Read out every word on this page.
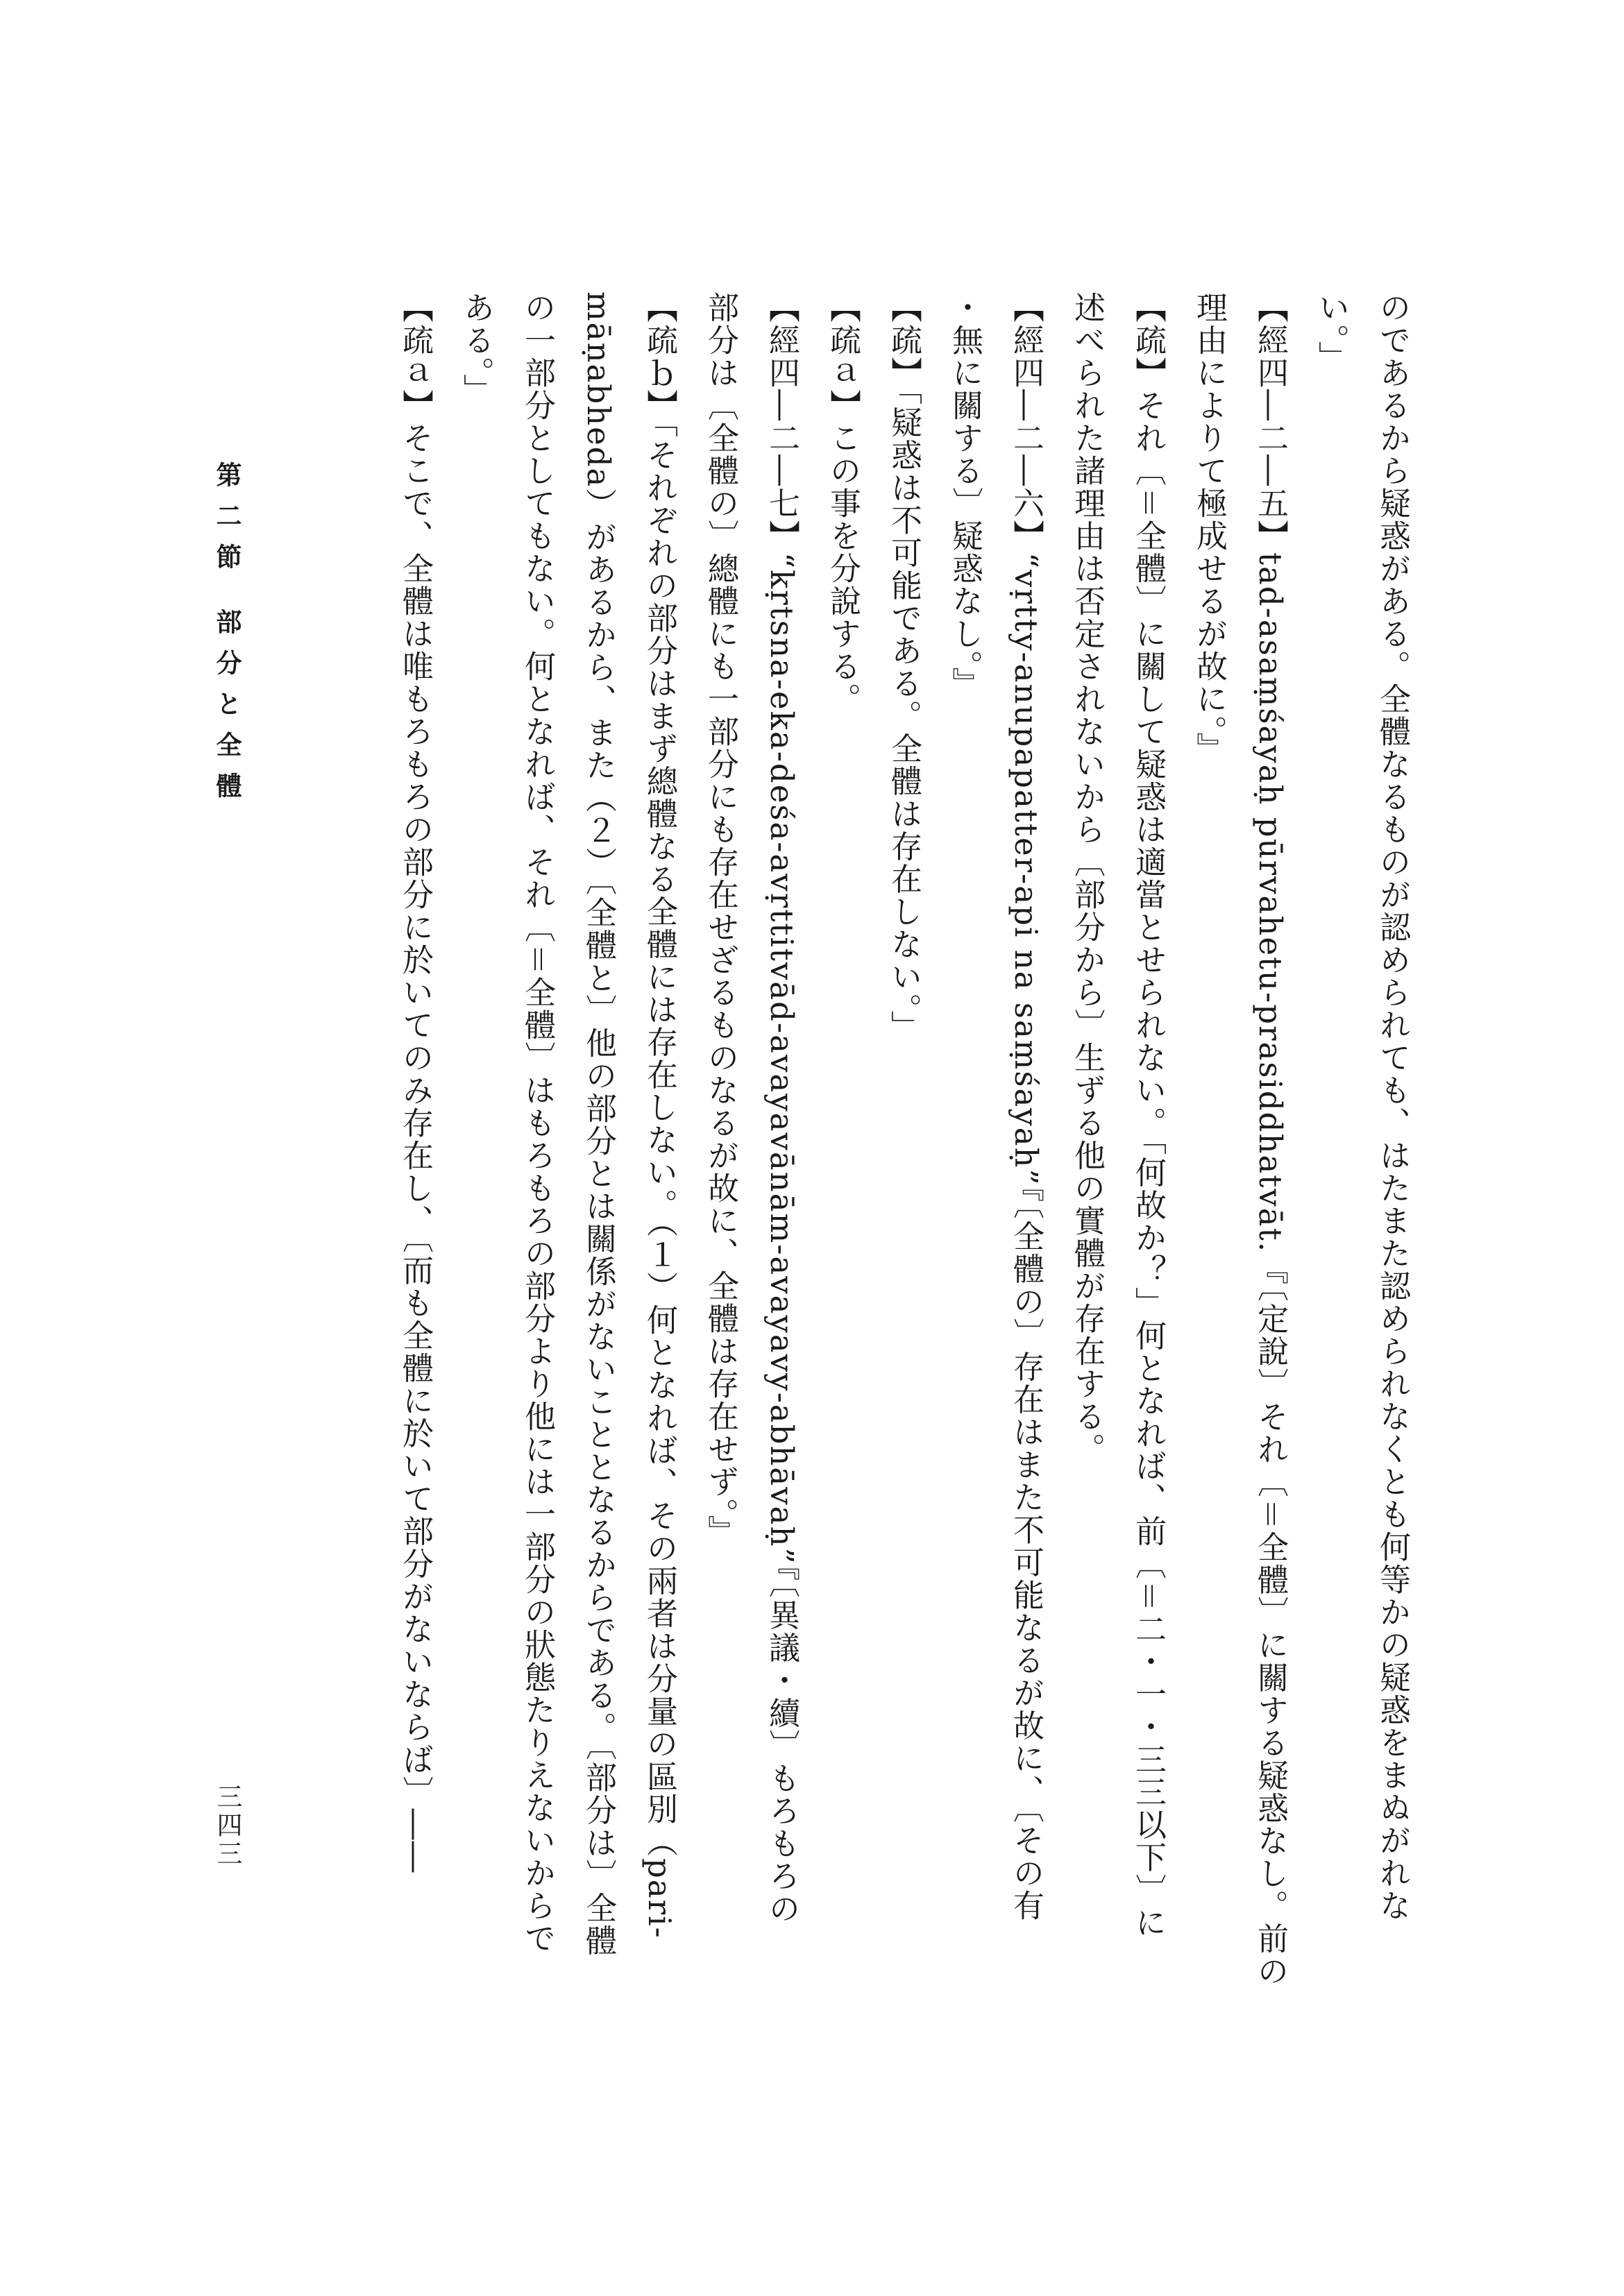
のであるから疑惑がある。全體なるものが認められても、はたまた認められなくとも何等かの疑惑をまぬがれな
い。」
【經四―二―五】tad-asaṃśayaḥ pūrvahetu-prasiddhatvāt.『〔定說〕それ〔＝全體〕に關する疑惑なし。前の
理由によりて極成せるが故に。』
【疏】それ〔＝全體〕に關して疑惑は適當とせられない。「何故か？」何となれば、前〔＝二・一・三三以下〕に
述べられた諸理由は否定されないから〔部分から〕生ずる他の實體が存在する。
【經四―二―六】“vṛtty-anupapatter-api na saṃśayaḥ”『〔全體の〕存在はまた不可能なるが故に、〔その有
・無に關する〕疑惑なし。』
【疏】「疑惑は不可能である。全體は存在しない。」
【疏ａ】この事を分說する。
【經四―二―七】“kṛtsna-eka-deśa-avṛttitvād-avayavānām-avayavy-abhāvaḥ”『〔異議・續〕もろもろの
部分は〔全體の〕總體にも一部分にも存在せざるものなるが故に、全體は存在せず。』
【疏ｂ】「それぞれの部分はまず總體なる全體には存在しない。（１）何となれば、その兩者は分量の區別（pari-
māṇabheda）があるから、また（２）〔全體と〕他の部分とは關係がないこととなるからである。〔部分は〕全體
の一部分としてもない。何となれば、それ〔＝全體〕はもろもろの部分より他には一部分の狀態たりえないからで
ある。」
【疏ａ】そこで、全體は唯もろもろの部分に於いてのみ存在し、〔而も全體に於いて部分がないならば〕――
第二節 部分と全體
三四三
